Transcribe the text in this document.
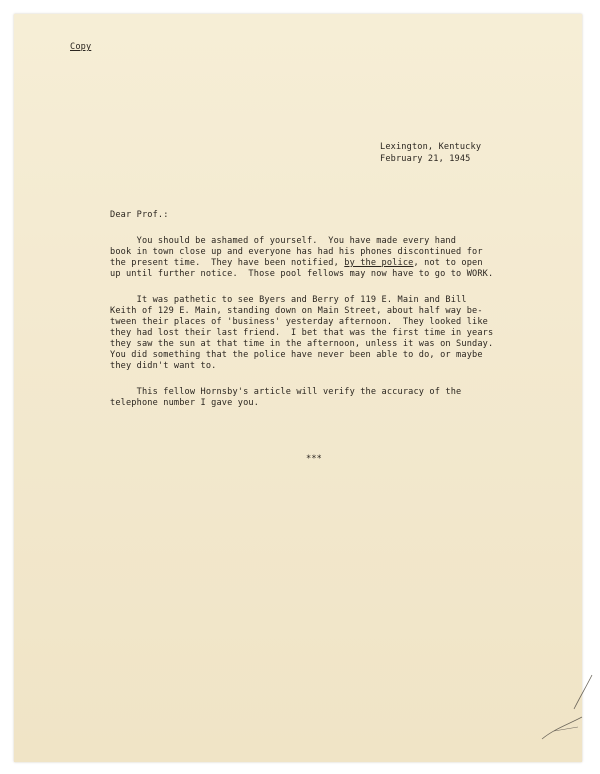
Copy
Lexington, Kentucky
February 21, 1945
Dear Prof.:
You should be ashamed of yourself.  You have made every hand
book in town close up and everyone has had his phones discontinued for
the present time.  They have been notified, by the police, not to open
up until further notice.  Those pool fellows may now have to go to WORK.
It was pathetic to see Byers and Berry of 119 E. Main and Bill
Keith of 129 E. Main, standing down on Main Street, about half way be-
tween their places of 'business' yesterday afternoon.  They looked like
they had lost their last friend.  I bet that was the first time in years
they saw the sun at that time in the afternoon, unless it was on Sunday.
You did something that the police have never been able to do, or maybe
they didn't want to.
This fellow Hornsby's article will verify the accuracy of the
telephone number I gave you.
***
